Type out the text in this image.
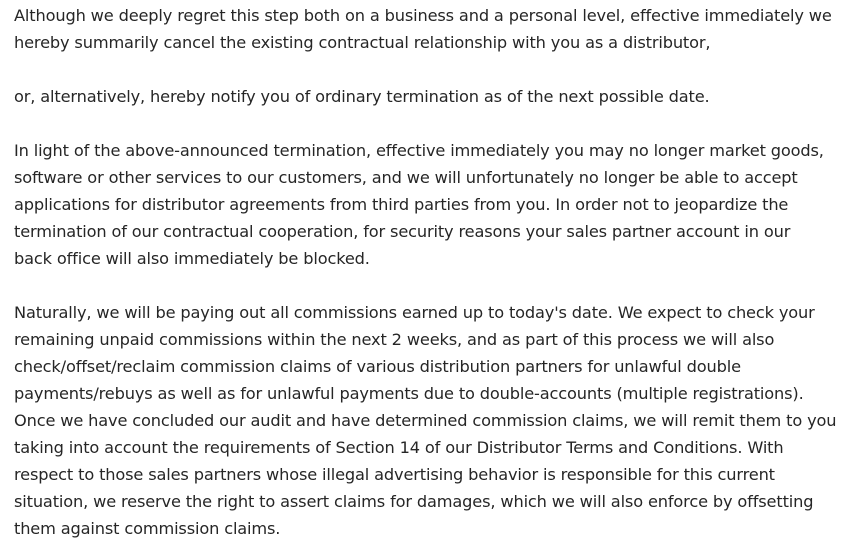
Although we deeply regret this step both on a business and a personal level, effective immediately we
hereby summarily cancel the existing contractual relationship with you as a distributor,

or, alternatively, hereby notify you of ordinary termination as of the next possible date.

In light of the above-announced termination, effective immediately you may no longer market goods,
software or other services to our customers, and we will unfortunately no longer be able to accept
applications for distributor agreements from third parties from you. In order not to jeopardize the
termination of our contractual cooperation, for security reasons your sales partner account in our
back office will also immediately be blocked.

Naturally, we will be paying out all commissions earned up to today's date. We expect to check your
remaining unpaid commissions within the next 2 weeks, and as part of this process we will also
check/offset/reclaim commission claims of various distribution partners for unlawful double
payments/rebuys as well as for unlawful payments due to double-accounts (multiple registrations).
Once we have concluded our audit and have determined commission claims, we will remit them to you
taking into account the requirements of Section 14 of our Distributor Terms and Conditions. With
respect to those sales partners whose illegal advertising behavior is responsible for this current
situation, we reserve the right to assert claims for damages, which we will also enforce by offsetting
them against commission claims.
